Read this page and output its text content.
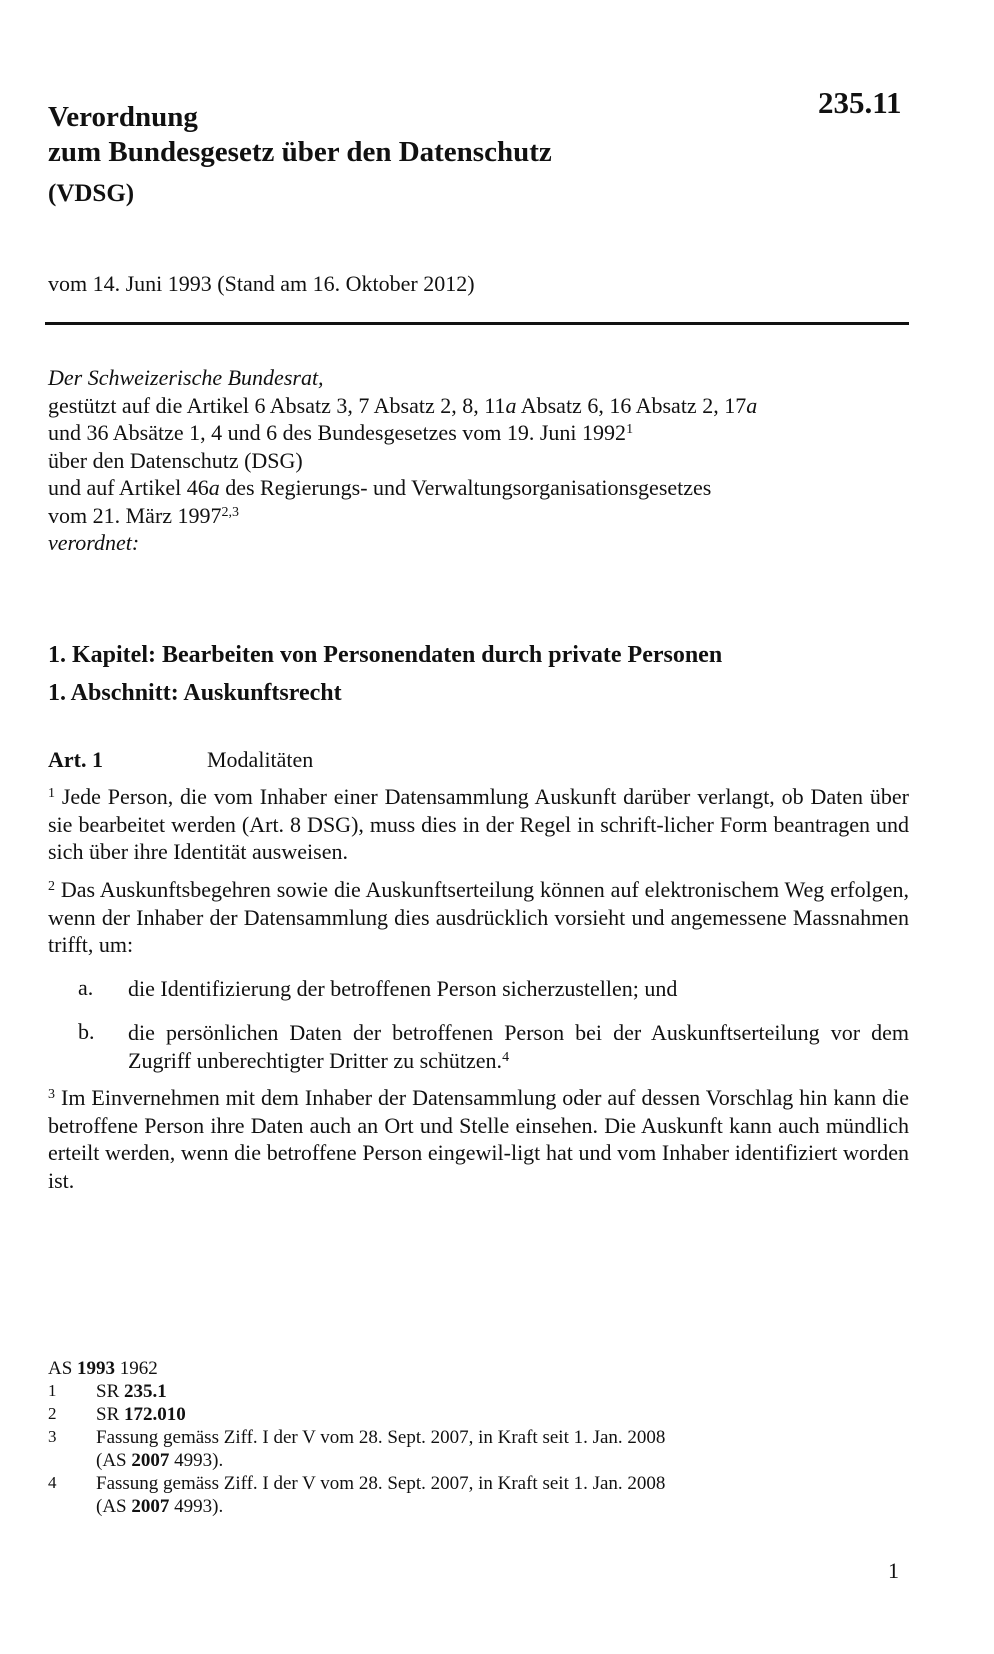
235.11
Verordnung
zum Bundesgesetz über den Datenschutz
(VDSG)
vom 14. Juni 1993 (Stand am 16. Oktober 2012)
Der Schweizerische Bundesrat,
gestützt auf die Artikel 6 Absatz 3, 7 Absatz 2, 8, 11a Absatz 6, 16 Absatz 2, 17a
und 36 Absätze 1, 4 und 6 des Bundesgesetzes vom 19. Juni 1992$^1$
über den Datenschutz (DSG)
und auf Artikel 46a des Regierungs- und Verwaltungsorganisationsgesetzes
vom 21. März 1997$^{2,3}$
verordnet:
1. Kapitel: Bearbeiten von Personendaten durch private Personen
1. Abschnitt: Auskunftsrecht
Art. 1	Modalitäten
$^1$ Jede Person, die vom Inhaber einer Datensammlung Auskunft darüber verlangt, ob Daten über sie bearbeitet werden (Art. 8 DSG), muss dies in der Regel in schrift-licher Form beantragen und sich über ihre Identität ausweisen.
$^2$ Das Auskunftsbegehren sowie die Auskunftserteilung können auf elektronischem Weg erfolgen, wenn der Inhaber der Datensammlung dies ausdrücklich vorsieht und angemessene Massnahmen trifft, um:
a. die Identifizierung der betroffenen Person sicherzustellen; und
b. die persönlichen Daten der betroffenen Person bei der Auskunftserteilung vor dem Zugriff unberechtigter Dritter zu schützen.$^4$
$^3$ Im Einvernehmen mit dem Inhaber der Datensammlung oder auf dessen Vorschlag hin kann die betroffene Person ihre Daten auch an Ort und Stelle einsehen. Die Auskunft kann auch mündlich erteilt werden, wenn die betroffene Person eingewil-ligt hat und vom Inhaber identifiziert worden ist.
AS 1993 1962
1 SR 235.1
2 SR 172.010
3 Fassung gemäss Ziff. I der V vom 28. Sept. 2007, in Kraft seit 1. Jan. 2008
(AS 2007 4993).
4 Fassung gemäss Ziff. I der V vom 28. Sept. 2007, in Kraft seit 1. Jan. 2008
(AS 2007 4993).
1
